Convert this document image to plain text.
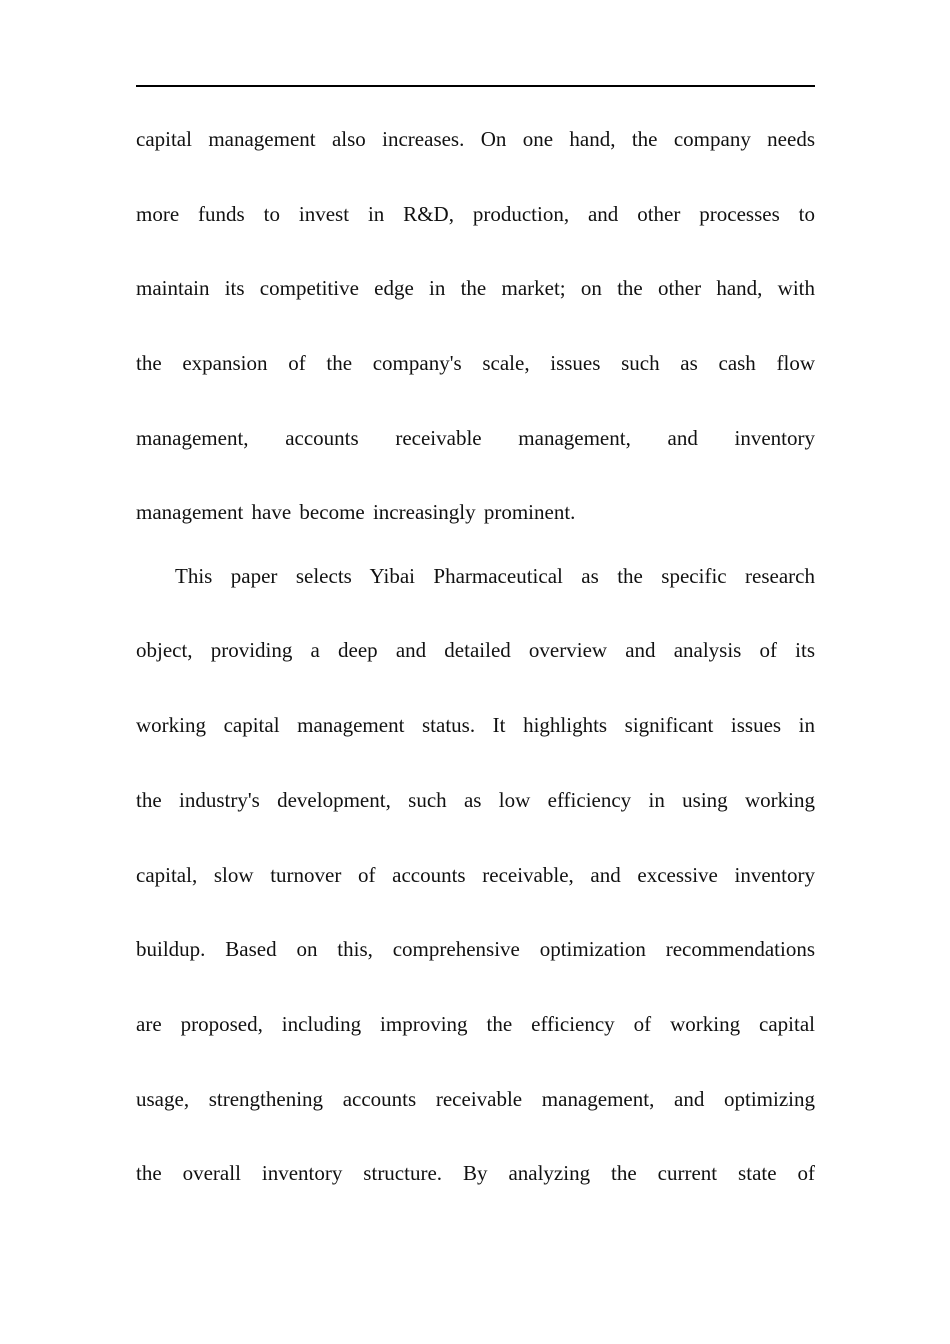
capital management also increases. On one hand, the company needs
more funds to invest in R&D, production, and other processes to
maintain its competitive edge in the market; on the other hand, with
the expansion of the company's scale, issues such as cash flow
management, accounts receivable management, and inventory
management have become increasingly prominent.
This paper selects Yibai Pharmaceutical as the specific research
object, providing a deep and detailed overview and analysis of its
working capital management status. It highlights significant issues in
the industry's development, such as low efficiency in using working
capital, slow turnover of accounts receivable, and excessive inventory
buildup. Based on this, comprehensive optimization recommendations
are proposed, including improving the efficiency of working capital
usage, strengthening accounts receivable management, and optimizing
the overall inventory structure. By analyzing the current state of
